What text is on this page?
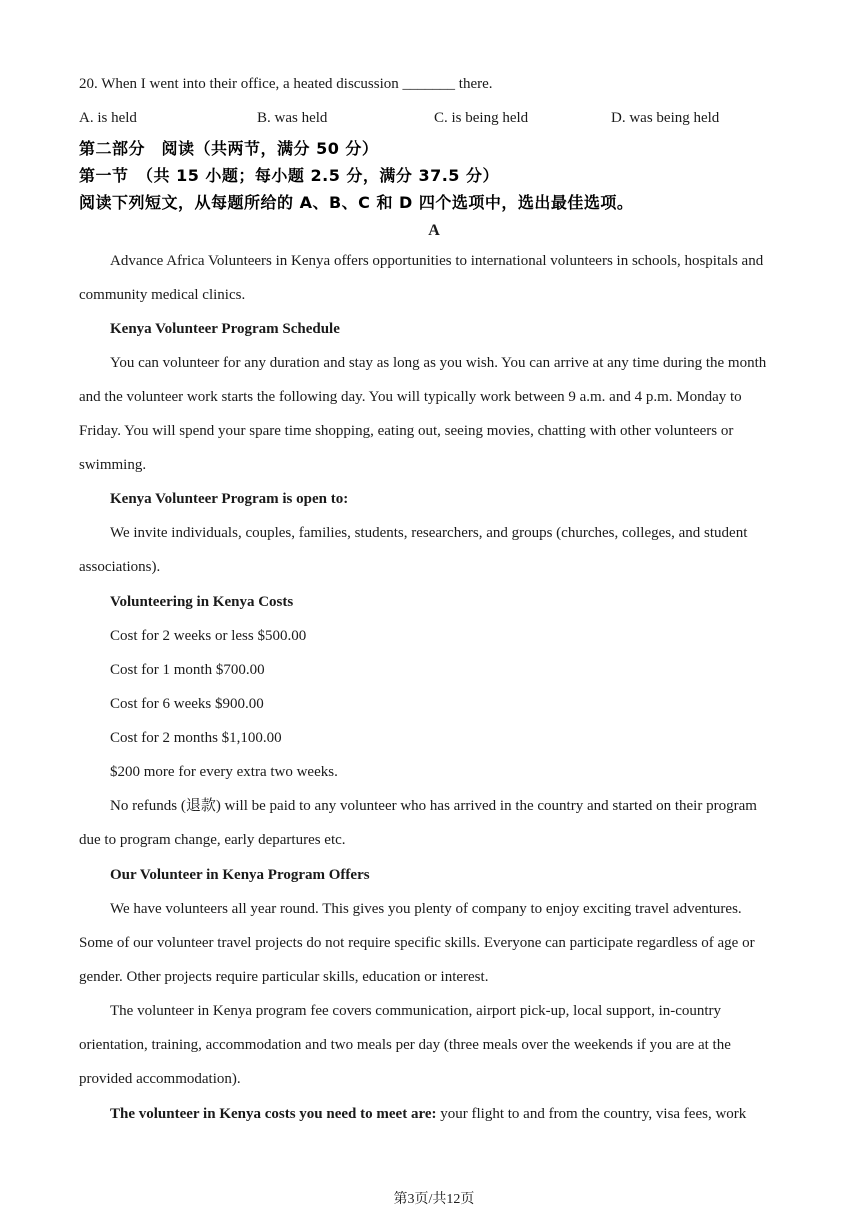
20. When I went into their office, a heated discussion _______ there.
A. is held	B. was held	C. is being held	D. was being held
第二部分　阅读（共两节，满分 50 分）
第一节　（共 15 小题；每小题 2.5 分，满分 37.5 分）
阅读下列短文，从每题所给的 A、B、C 和 D 四个选项中，选出最佳选项。
A
Advance Africa Volunteers in Kenya offers opportunities to international volunteers in schools, hospitals and
community medical clinics.
Kenya Volunteer Program Schedule
You can volunteer for any duration and stay as long as you wish. You can arrive at any time during the month
and the volunteer work starts the following day. You will typically work between 9 a.m. and 4 p.m. Monday to
Friday. You will spend your spare time shopping, eating out, seeing movies, chatting with other volunteers or
swimming.
Kenya Volunteer Program is open to:
We invite individuals, couples, families, students, researchers, and groups (churches, colleges, and student
associations).
Volunteering in Kenya Costs
Cost for 2 weeks or less $500.00
Cost for 1 month $700.00
Cost for 6 weeks $900.00
Cost for 2 months $1,100.00
$200 more for every extra two weeks.
No refunds (退款) will be paid to any volunteer who has arrived in the country and started on their program
due to program change, early departures etc.
Our Volunteer in Kenya Program Offers
We have volunteers all year round. This gives you plenty of company to enjoy exciting travel adventures.
Some of our volunteer travel projects do not require specific skills. Everyone can participate regardless of age or
gender. Other projects require particular skills, education or interest.
The volunteer in Kenya program fee covers communication, airport pick-up, local support, in-country
orientation, training, accommodation and two meals per day (three meals over the weekends if you are at the
provided accommodation).
The volunteer in Kenya costs you need to meet are: your flight to and from the country, visa fees, work
第3页/共12页
